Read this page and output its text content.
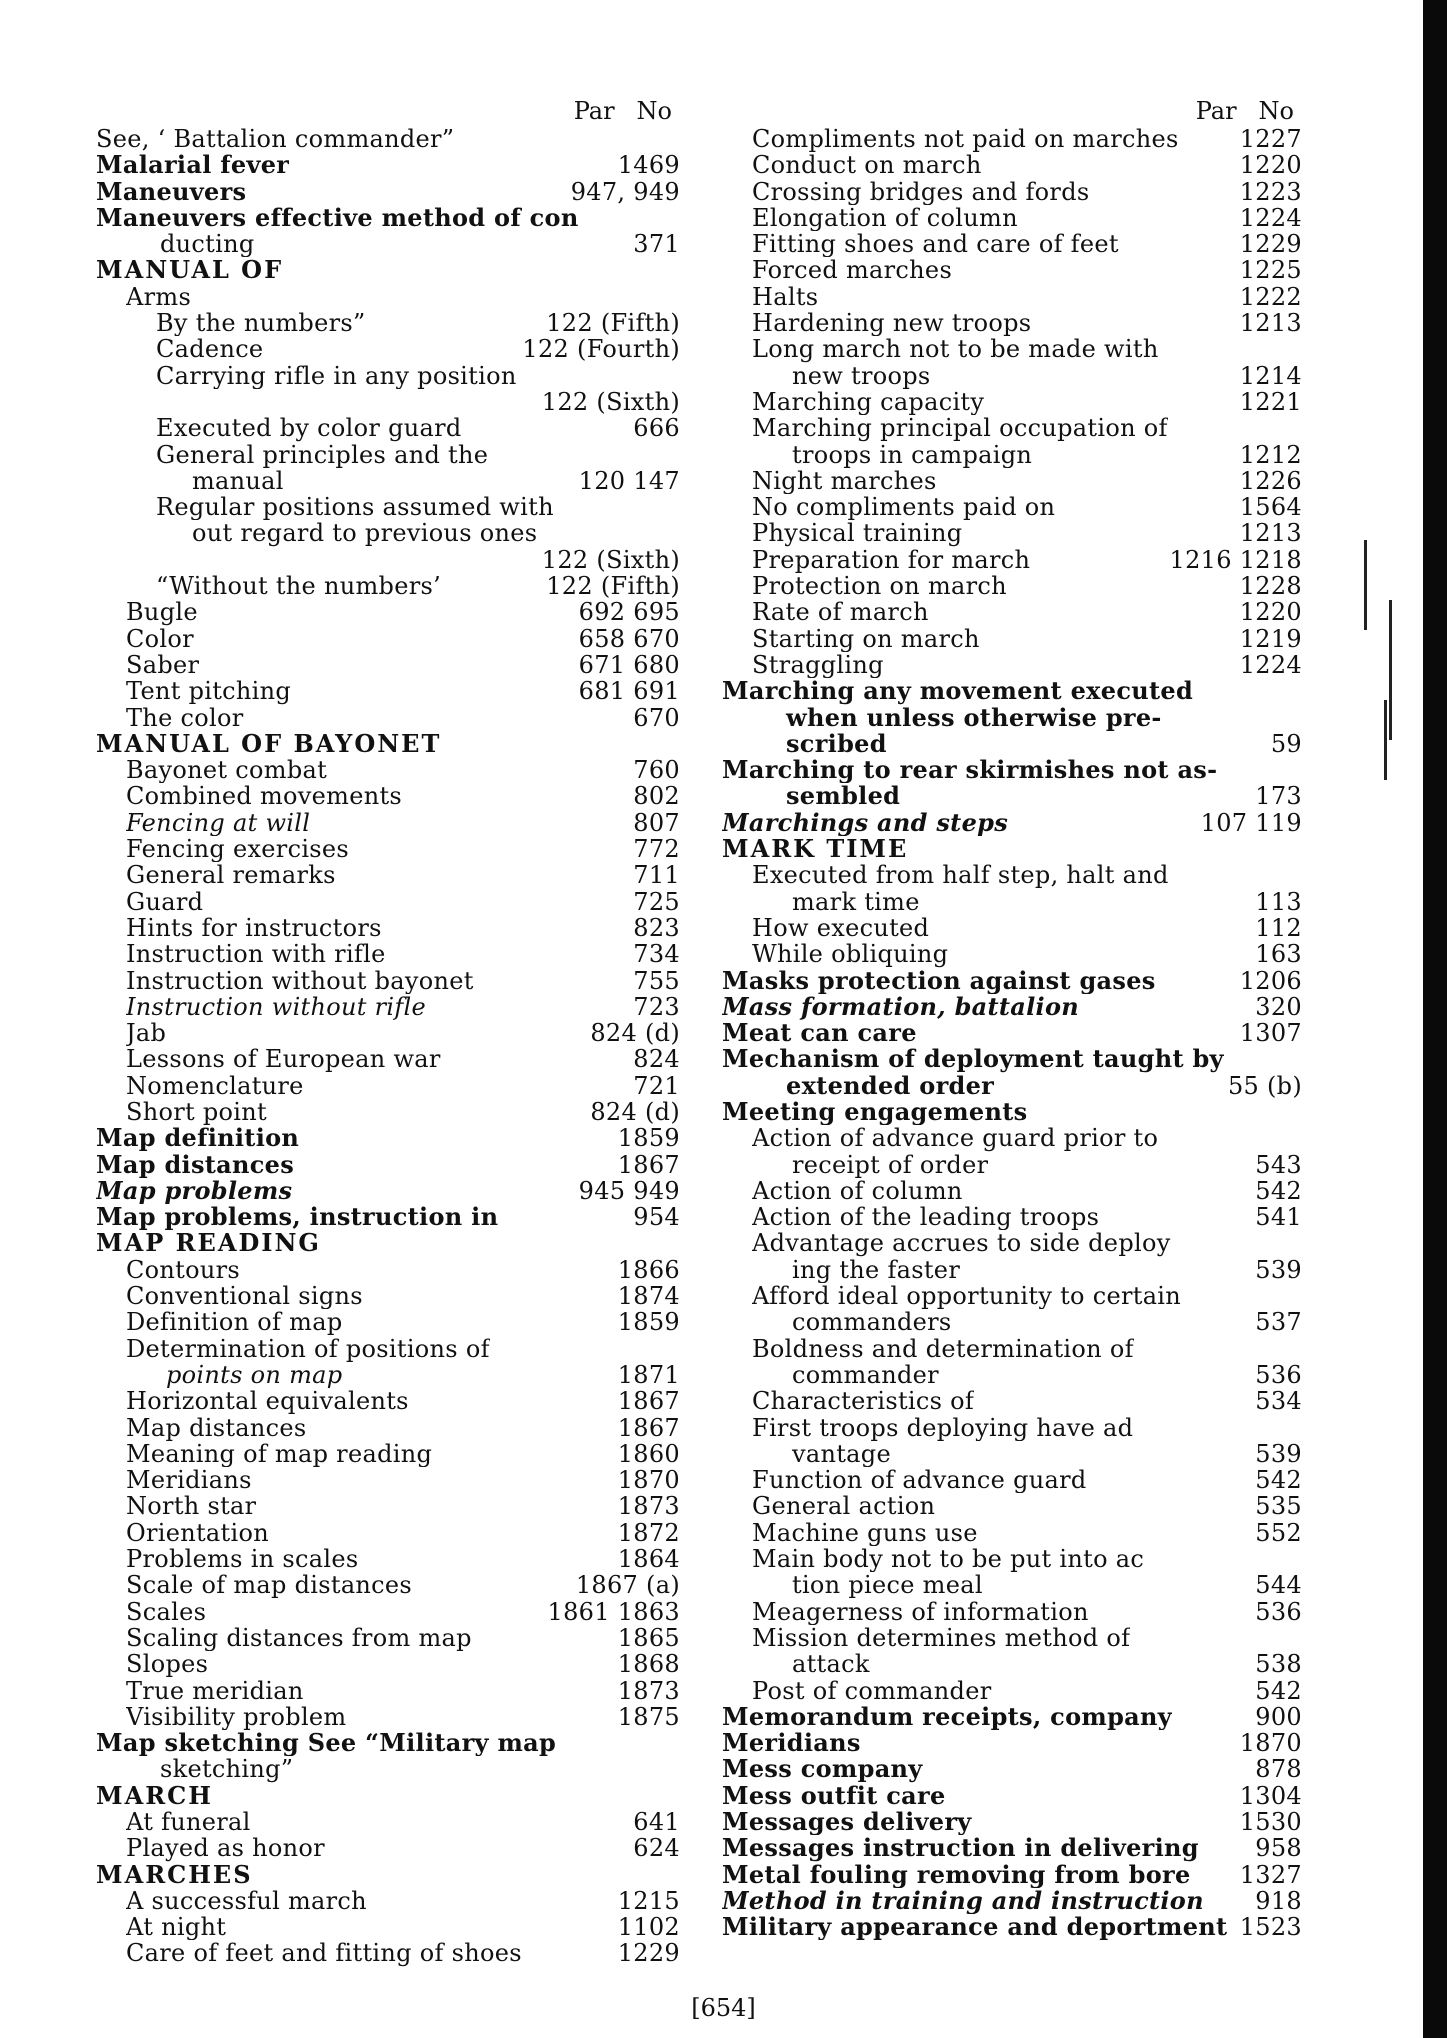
Par No
See, ‘ Battalion commander”
Malarial fever	1469
Maneuvers	947, 949
Maneuvers effective method of con
ducting	371
MANUAL OF
Arms
By the numbers”	122 (Fifth)
Cadence	122 (Fourth)
Carrying rifle in any position
122 (Sixth)
Executed by color guard	666
General principles and the
manual	120 147
Regular positions assumed with
out regard to previous ones
122 (Sixth)
“Without the numbers’	122 (Fifth)
Bugle	692 695
Color	658 670
Saber	671 680
Tent pitching	681 691
The color	670
MANUAL OF BAYONET
Bayonet combat	760
Combined movements	802
Fencing at will	807
Fencing exercises	772
General remarks	711
Guard	725
Hints for instructors	823
Instruction with rifle	734
Instruction without bayonet	755
Instruction without rifle	723
Jab	824 (d)
Lessons of European war	824
Nomenclature	721
Short point	824 (d)
Map definition	1859
Map distances	1867
Map problems	945 949
Map problems, instruction in	954
MAP READING
Contours	1866
Conventional signs	1874
Definition of map	1859
Determination of positions of
points on map	1871
Horizontal equivalents	1867
Map distances	1867
Meaning of map reading	1860
Meridians	1870
North star	1873
Orientation	1872
Problems in scales	1864
Scale of map distances	1867 (a)
Scales	1861 1863
Scaling distances from map	1865
Slopes	1868
True meridian	1873
Visibility problem	1875
Map sketching See “Military map
sketching”
MARCH
At funeral	641
Played as honor	624
MARCHES
A successful march	1215
At night	1102
Care of feet and fitting of shoes	1229
Par No
Compliments not paid on marches	1227
Conduct on march	1220
Crossing bridges and fords	1223
Elongation of column	1224
Fitting shoes and care of feet	1229
Forced marches	1225
Halts	1222
Hardening new troops	1213
Long march not to be made with
new troops	1214
Marching capacity	1221
Marching principal occupation of
troops in campaign	1212
Night marches	1226
No compliments paid on	1564
Physical training	1213
Preparation for march	1216 1218
Protection on march	1228
Rate of march	1220
Starting on march	1219
Straggling	1224
Marching any movement executed
when unless otherwise pre-
scribed	59
Marching to rear skirmishes not as-
sembled	173
Marchings and steps	107 119
MARK TIME
Executed from half step, halt and
mark time	113
How executed	112
While obliquing	163
Masks protection against gases	1206
Mass formation, battalion	320
Meat can care	1307
Mechanism of deployment taught by
extended order	55 (b)
Meeting engagements
Action of advance guard prior to
receipt of order	543
Action of column	542
Action of the leading troops	541
Advantage accrues to side deploy
ing the faster	539
Afford ideal opportunity to certain
commanders	537
Boldness and determination of
commander	536
Characteristics of	534
First troops deploying have ad
vantage	539
Function of advance guard	542
General action	535
Machine guns use	552
Main body not to be put into ac
tion piece meal	544
Meagerness of information	536
Mission determines method of
attack	538
Post of commander	542
Memorandum receipts, company	900
Meridians	1870
Mess company	878
Mess outfit care	1304
Messages delivery	1530
Messages instruction in delivering	958
Metal fouling removing from bore	1327
Method in training and instruction	918
Military appearance and deportment 1523
[654]
